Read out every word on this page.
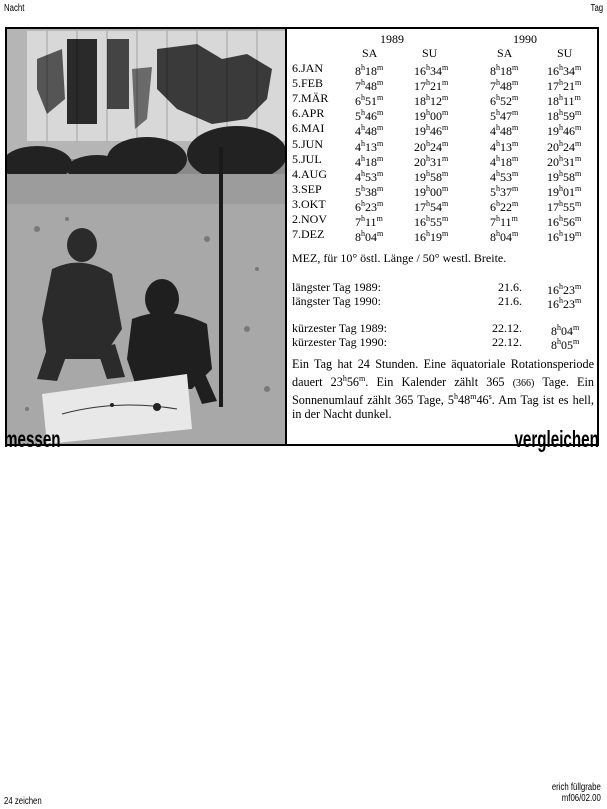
Nacht	Tag
1989	1990
SA	SU	SA	SU
6.JAN	8$^h$18$^m$	16$^h$34$^m$	8$^h$18$^m$ 16$^h$34$^m$
5.FEB	7$^h$48$^m$	17$^h$21$^m$	7$^h$48$^m$ 17$^h$21$^m$
7.MÄR 6$^h$51$^m$	18$^h$12$^m$	6$^h$52$^m$ 18$^h$11$^m$
6.APR	5$^h$46$^m$	19$^h$00$^m$	5$^h$47$^m$ 18$^h$59$^m$
6.MAI	4$^h$48$^m$	19$^h$46$^m$	4$^h$48$^m$ 19$^h$46$^m$
5.JUN	4$^h$13$^m$	20$^h$24$^m$	4$^h$13$^m$ 20$^h$24$^m$
5.JUL	4$^h$18$^m$	20$^h$31$^m$	4$^h$18$^m$ 20$^h$31$^m$
4.AUG 4$^h$53$^m$	19$^h$58$^m$	4$^h$53$^m$ 19$^h$58$^m$
3.SEP	5$^h$38$^m$	19$^h$00$^m$	5$^h$37$^m$ 19$^h$01$^m$
3.OKT 6$^h$23$^m$	17$^h$54$^m$	6$^h$22$^m$ 17$^h$55$^m$
2.NOV 7$^h$11$^m$	16$^h$55$^m$	7$^h$11$^m$ 16$^h$56$^m$
7.DEZ	8$^h$04$^m$	16$^h$19$^m$	8$^h$04$^m$ 16$^h$19$^m$
MEZ, für 10° östl. Länge / 50° westl. Breite.
längster Tag 1989:	21.6. 16$^h$23$^m$
längster Tag 1990:	21.6. 16$^h$23$^m$
kürzester Tag 1989:	22.12. 8$^h$04$^m$
kürzester Tag 1990:	22.12. 8$^h$05$^m$
Ein Tag hat 24 Stunden. Eine äquatoriale Rotationsperiode dauert 23$^h$56$^m$. Ein Kalender zählt 365 (366) Tage. Ein Sonnenumlauf zählt 365 Tage, 5$^h$48$^m$46$^s$. Am Tag ist es hell, in der Nacht dunkel.
messen	vergleichen
24 zeichen
erich füllgrabe
mf06/02.00
